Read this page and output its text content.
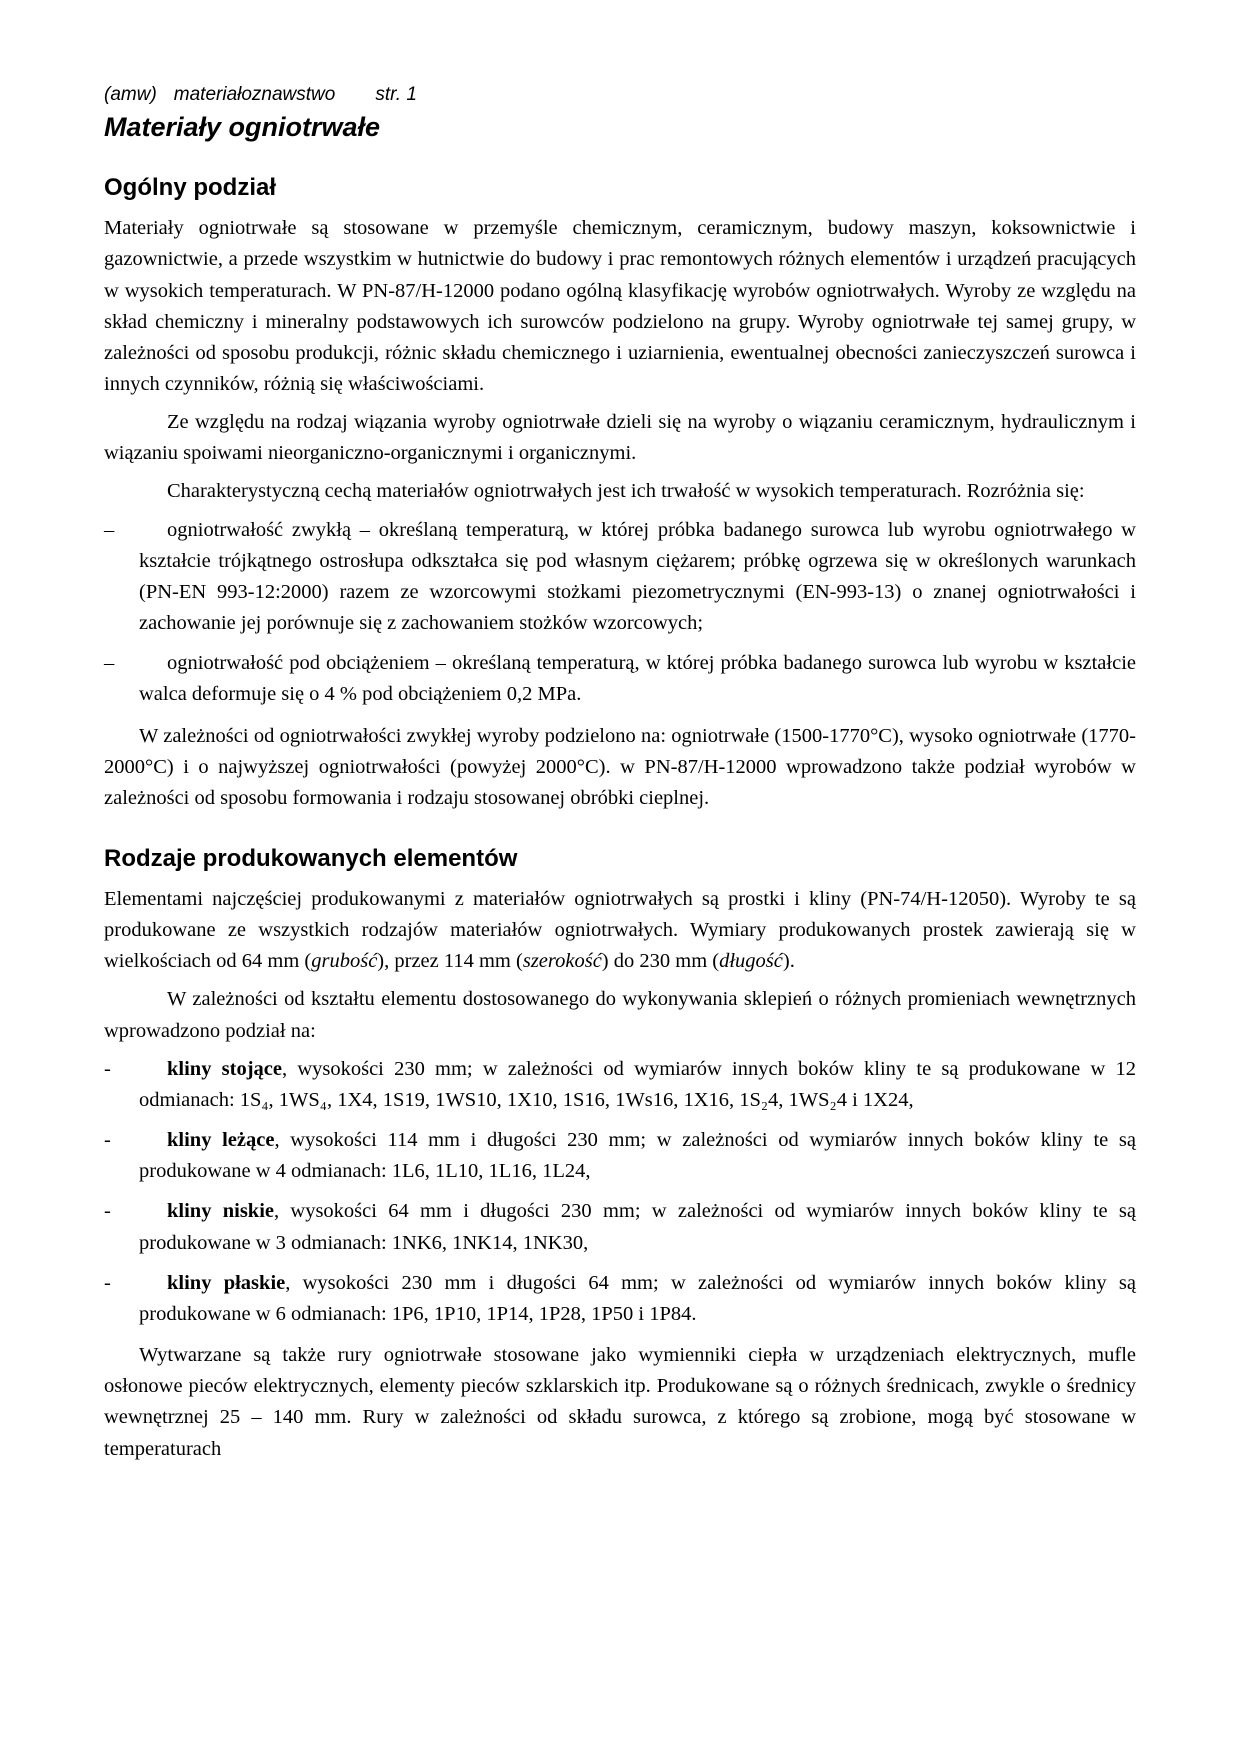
(amw) materiałoznawstwo str. 1
Materiały ogniotrwałe
Ogólny podział

Materiały ogniotrwałe są stosowane w przemyśle chemicznym, ceramicznym, budowy maszyn, koksownictwie i gazownictwie, a przede wszystkim w hutnictwie do budowy i prac remontowych różnych elementów i urządzeń pracujących w wysokich temperaturach. W PN-87/H-12000 podano ogólną klasyfikację wyrobów ogniotrwałych. Wyroby ze względu na skład chemiczny i mineralny podstawowych ich surowców podzielono na grupy. Wyroby ogniotrwałe tej samej grupy, w zależności od sposobu produkcji, różnic składu chemicznego i uziarnienia, ewentualnej obecności zanieczyszczeń surowca i innych czynników, różnią się właściwościami.

Ze względu na rodzaj wiązania wyroby ogniotrwałe dzieli się na wyroby o wiązaniu ceramicznym, hydraulicznym i wiązaniu spoiwami nieorganiczno-organicznymi i organicznymi.

Charakterystyczną cechą materiałów ogniotrwałych jest ich trwałość w wysokich temperaturach. Rozróżnia się:

–	ogniotrwałość zwykłą – określaną temperaturą, w której próbka badanego surowca lub wyrobu ogniotrwałego w kształcie trójkątnego ostrosłupa odkształca się pod własnym ciężarem; próbkę ogrzewa się w określonych warunkach (PN-EN 993-12:2000) razem ze wzorcowymi stożkami piezometrycznymi (EN-993-13) o znanej ogniotrwałości i zachowanie jej porównuje się z zachowaniem stożków wzorcowych;
–	ogniotrwałość pod obciążeniem – określaną temperaturą, w której próbka badanego surowca lub wyrobu w kształcie walca deformuje się o 4 % pod obciążeniem 0,2 MPa.

W zależności od ogniotrwałości zwykłej wyroby podzielono na: ogniotrwałe (1500-1770°C), wysoko ogniotrwałe (1770-2000°C) i o najwyższej ogniotrwałości (powyżej 2000°C). w PN-87/H-12000 wprowadzono także podział wyrobów w zależności od sposobu formowania i rodzaju stosowanej obróbki cieplnej.

Rodzaje produkowanych elementów

Elementami najczęściej produkowanymi z materiałów ogniotrwałych są prostki i kliny (PN-74/H-12050). Wyroby te są produkowane ze wszystkich rodzajów materiałów ogniotrwałych. Wymiary produkowanych prostek zawierają się w wielkościach od 64 mm (grubość), przez 114 mm (szerokość) do 230 mm (długość).

W zależności od kształtu elementu dostosowanego do wykonywania sklepień o różnych promieniach wewnętrznych wprowadzono podział na:

-	kliny stojące, wysokości 230 mm; w zależności od wymiarów innych boków kliny te są produkowane w 12 odmianach: 1S₄, 1WS₄, 1X4, 1S19, 1WS10, 1X10, 1S16, 1Ws16, 1X16, 1S₂4, 1WS₂4 i 1X24,
-	kliny leżące, wysokości 114 mm i długości 230 mm; w zależności od wymiarów innych boków kliny te są produkowane w 4 odmianach: 1L6, 1L10, 1L16, 1L24,
-	kliny niskie, wysokości 64 mm i długości 230 mm; w zależności od wymiarów innych boków kliny te są produkowane w 3 odmianach: 1NK6, 1NK14, 1NK30,
-	kliny płaskie, wysokości 230 mm i długości 64 mm; w zależności od wymiarów innych boków kliny są produkowane w 6 odmianach: 1P6, 1P10, 1P14, 1P28, 1P50 i 1P84.

Wytwarzane są także rury ogniotrwałe stosowane jako wymienniki ciepła w urządzeniach elektrycznych, mufle osłonowe pieców elektrycznych, elementy pieców szklarskich itp. Produkowane są o różnych średnicach, zwykle o średnicy wewnętrznej 25 – 140 mm. Rury w zależności od składu surowca, z którego są zrobione, mogą być stosowane w temperaturach
